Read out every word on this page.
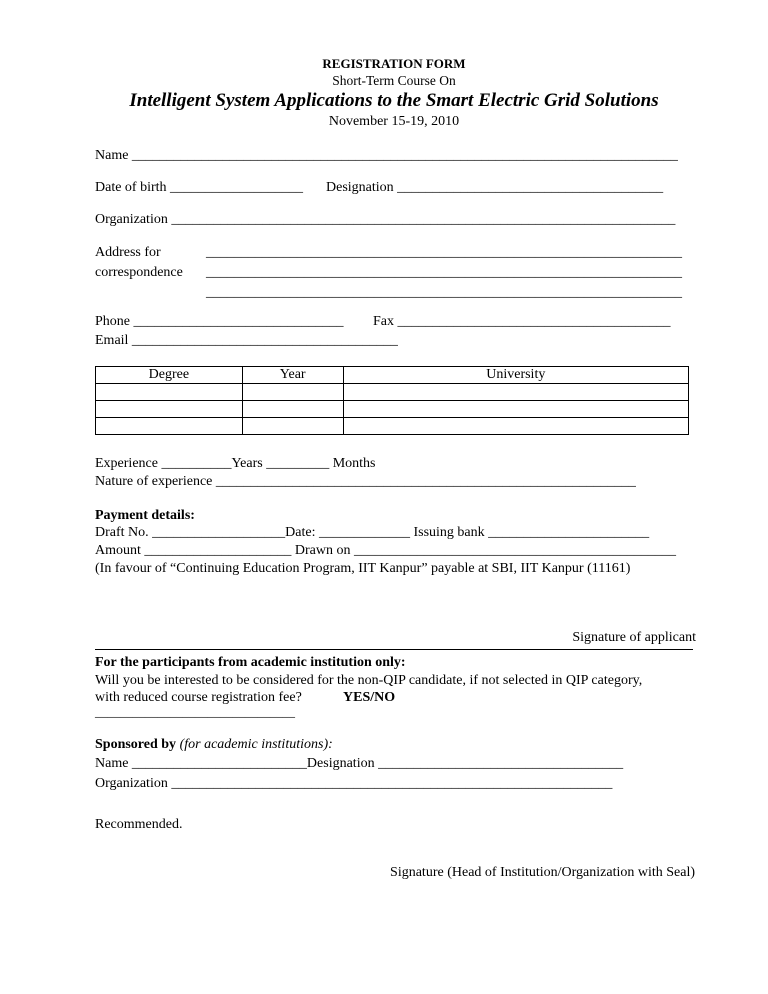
REGISTRATION FORM
Short-Term Course On
Intelligent System Applications to the Smart Electric Grid Solutions
November 15-19, 2010
Name ______________________________________________________________________________
Date of birth ___________________ Designation ______________________________________
Organization ________________________________________________________________________
Address for
correspondence
____________________________________________________________________
____________________________________________________________________
____________________________________________________________________
Phone ______________________________ Fax _______________________________________
Email ______________________________________
Degree	Year	University

Experience __________Years _________ Months
Nature of experience ____________________________________________________________
Payment details:
Draft No. ___________________Date: _____________ Issuing bank _______________________
Amount _____________________ Drawn on ______________________________________________
(In favour of “Continuing Education Program, IIT Kanpur” payable at SBI, IIT Kanpur (11161)
Signature of applicant
For the participants from academic institution only:
Will you be interested to be considered for the non-QIP candidate, if not selected in QIP category,
with reduced course registration fee?	YES/NO
________________________________
Sponsored by (for academic institutions):
Name _________________________Designation ___________________________________
Organization _______________________________________________________________
Recommended.
Signature (Head of Institution/Organization with Seal)
